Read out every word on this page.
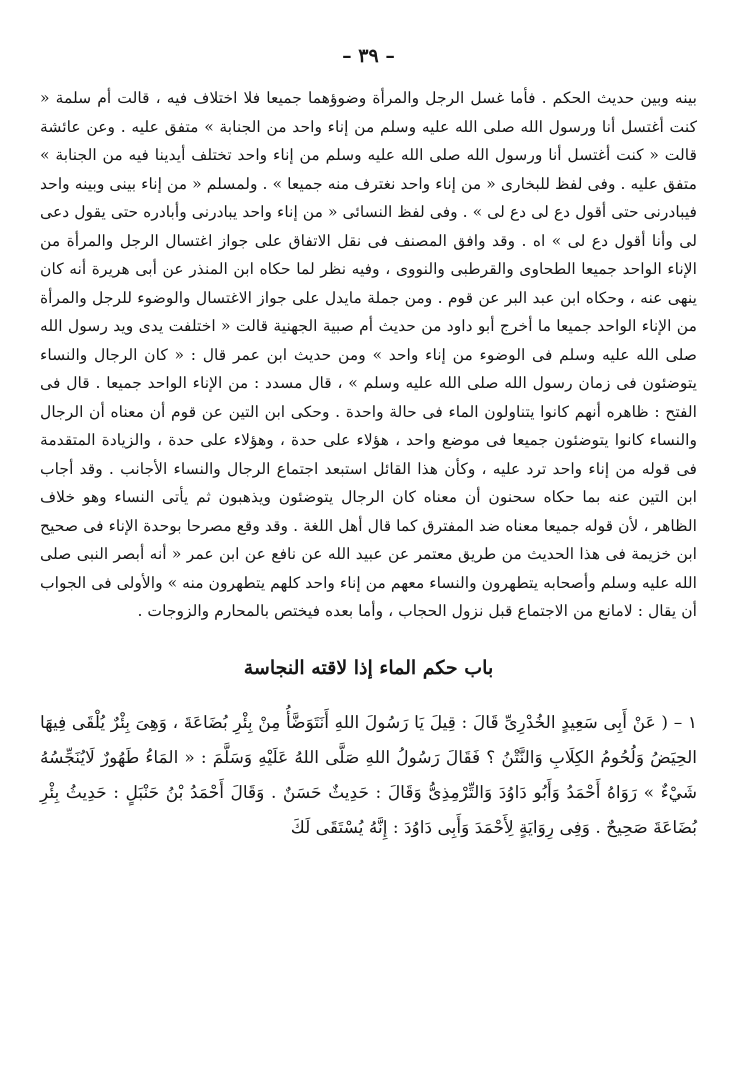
– ٣٩ –

بينه وبين حديث الحكم . فأما غسل الرجل والمرأة وضوؤهما جميعا فلا اختلاف فيه ، قالت أم سلمة « كنت أغتسل أنا ورسول الله صلى الله عليه وسلم من إناء واحد من الجنابة » متفق عليه . وعن عائشة قالت « كنت أغتسل أنا ورسول الله صلى الله عليه وسلم من إناء واحد تختلف أيدينا فيه من الجنابة » متفق عليه . وفى لفظ للبخارى « من إناء واحد نغترف منه جميعا » . ولمسلم « من إناء بينى وبينه واحد فيبادرنى حتى أقول دع لى دع لى » . وفى لفظ النسائى « من إناء واحد يبادرنى وأبادره حتى يقول دعى لى وأنا أقول دع لى » اه . وقد وافق المصنف فى نقل الاتفاق على جواز اغتسال الرجل والمرأة من الإناء الواحد جميعا الطحاوى والقرطبى والنووى ، وفيه نظر لما حكاه ابن المنذر عن أبى هريرة أنه كان ينهى عنه ، وحكاه ابن عبد البر عن قوم . ومن جملة مايدل على جواز الاغتسال والوضوء للرجل والمرأة من الإناء الواحد جميعا ما أخرج أبو داود من حديث أم صبية الجهنية قالت « اختلفت يدى ويد رسول الله صلى الله عليه وسلم فى الوضوء من إناء واحد » ومن حديث ابن عمر قال : « كان الرجال والنساء يتوضئون فى زمان رسول الله صلى الله عليه وسلم » ، قال مسدد : من الإناء الواحد جميعا . قال فى الفتح : ظاهره أنهم كانوا يتناولون الماء فى حالة واحدة . وحكى ابن التين عن قوم أن معناه أن الرجال والنساء كانوا يتوضئون جميعا فى موضع واحد ، هؤلاء على حدة ، وهؤلاء على حدة ، والزيادة المتقدمة فى قوله من إناء واحد ترد عليه ، وكأن هذا القائل استبعد اجتماع الرجال والنساء الأجانب . وقد أجاب ابن التين عنه بما حكاه سحنون أن معناه كان الرجال يتوضئون ويذهبون ثم يأتى النساء وهو خلاف الظاهر ، لأن قوله جميعا معناه ضد المفترق كما قال أهل اللغة . وقد وقع مصرحا بوحدة الإناء فى صحيح ابن خزيمة فى هذا الحديث من طريق معتمر عن عبيد الله عن نافع عن ابن عمر « أنه أبصر النبى صلى الله عليه وسلم وأصحابه يتطهرون والنساء معهم من إناء واحد كلهم يتطهرون منه » والأولى فى الجواب أن يقال : لامانع من الاجتماع قبل نزول الحجاب ، وأما بعده فيختص بالمحارم والزوجات .

باب حكم الماء إذا لاقته النجاسة

١ – ( عَنْ أَبِى سَعِيدٍ الخُدْرِىِّ قَالَ : قِيلَ يَا رَسُولَ اللهِ أَنَتَوَضَّأُ مِنْ بِئْرِ بُضَاعَةَ ، وَهِىَ بِئْرٌ يُلْقَى فِيهَا الحِيَضُ وَلُحُومُ الكِلَابِ وَالنَّتْنُ ؟ فَقَالَ رَسُولُ اللهِ صَلَّى اللهُ عَلَيْهِ وَسَلَّمَ : « المَاءُ طَهُورٌ لَايُنَجِّسُهُ شَيْءٌ » رَوَاهُ أَحْمَدُ وَأَبُو دَاوُدَ وَالتِّرْمِذِىُّ وَقَالَ : حَدِيثٌ حَسَنٌ . وَقَالَ أَحْمَدُ بْنُ حَنْبَلٍ : حَدِيثُ بِئْرِ بُضَاعَةَ صَحِيحٌ . وَفِى رِوَايَةٍ لِأَحْمَدَ وَأَبِى دَاوُدَ : إِنَّهُ يُسْتَقَى لَكَ
